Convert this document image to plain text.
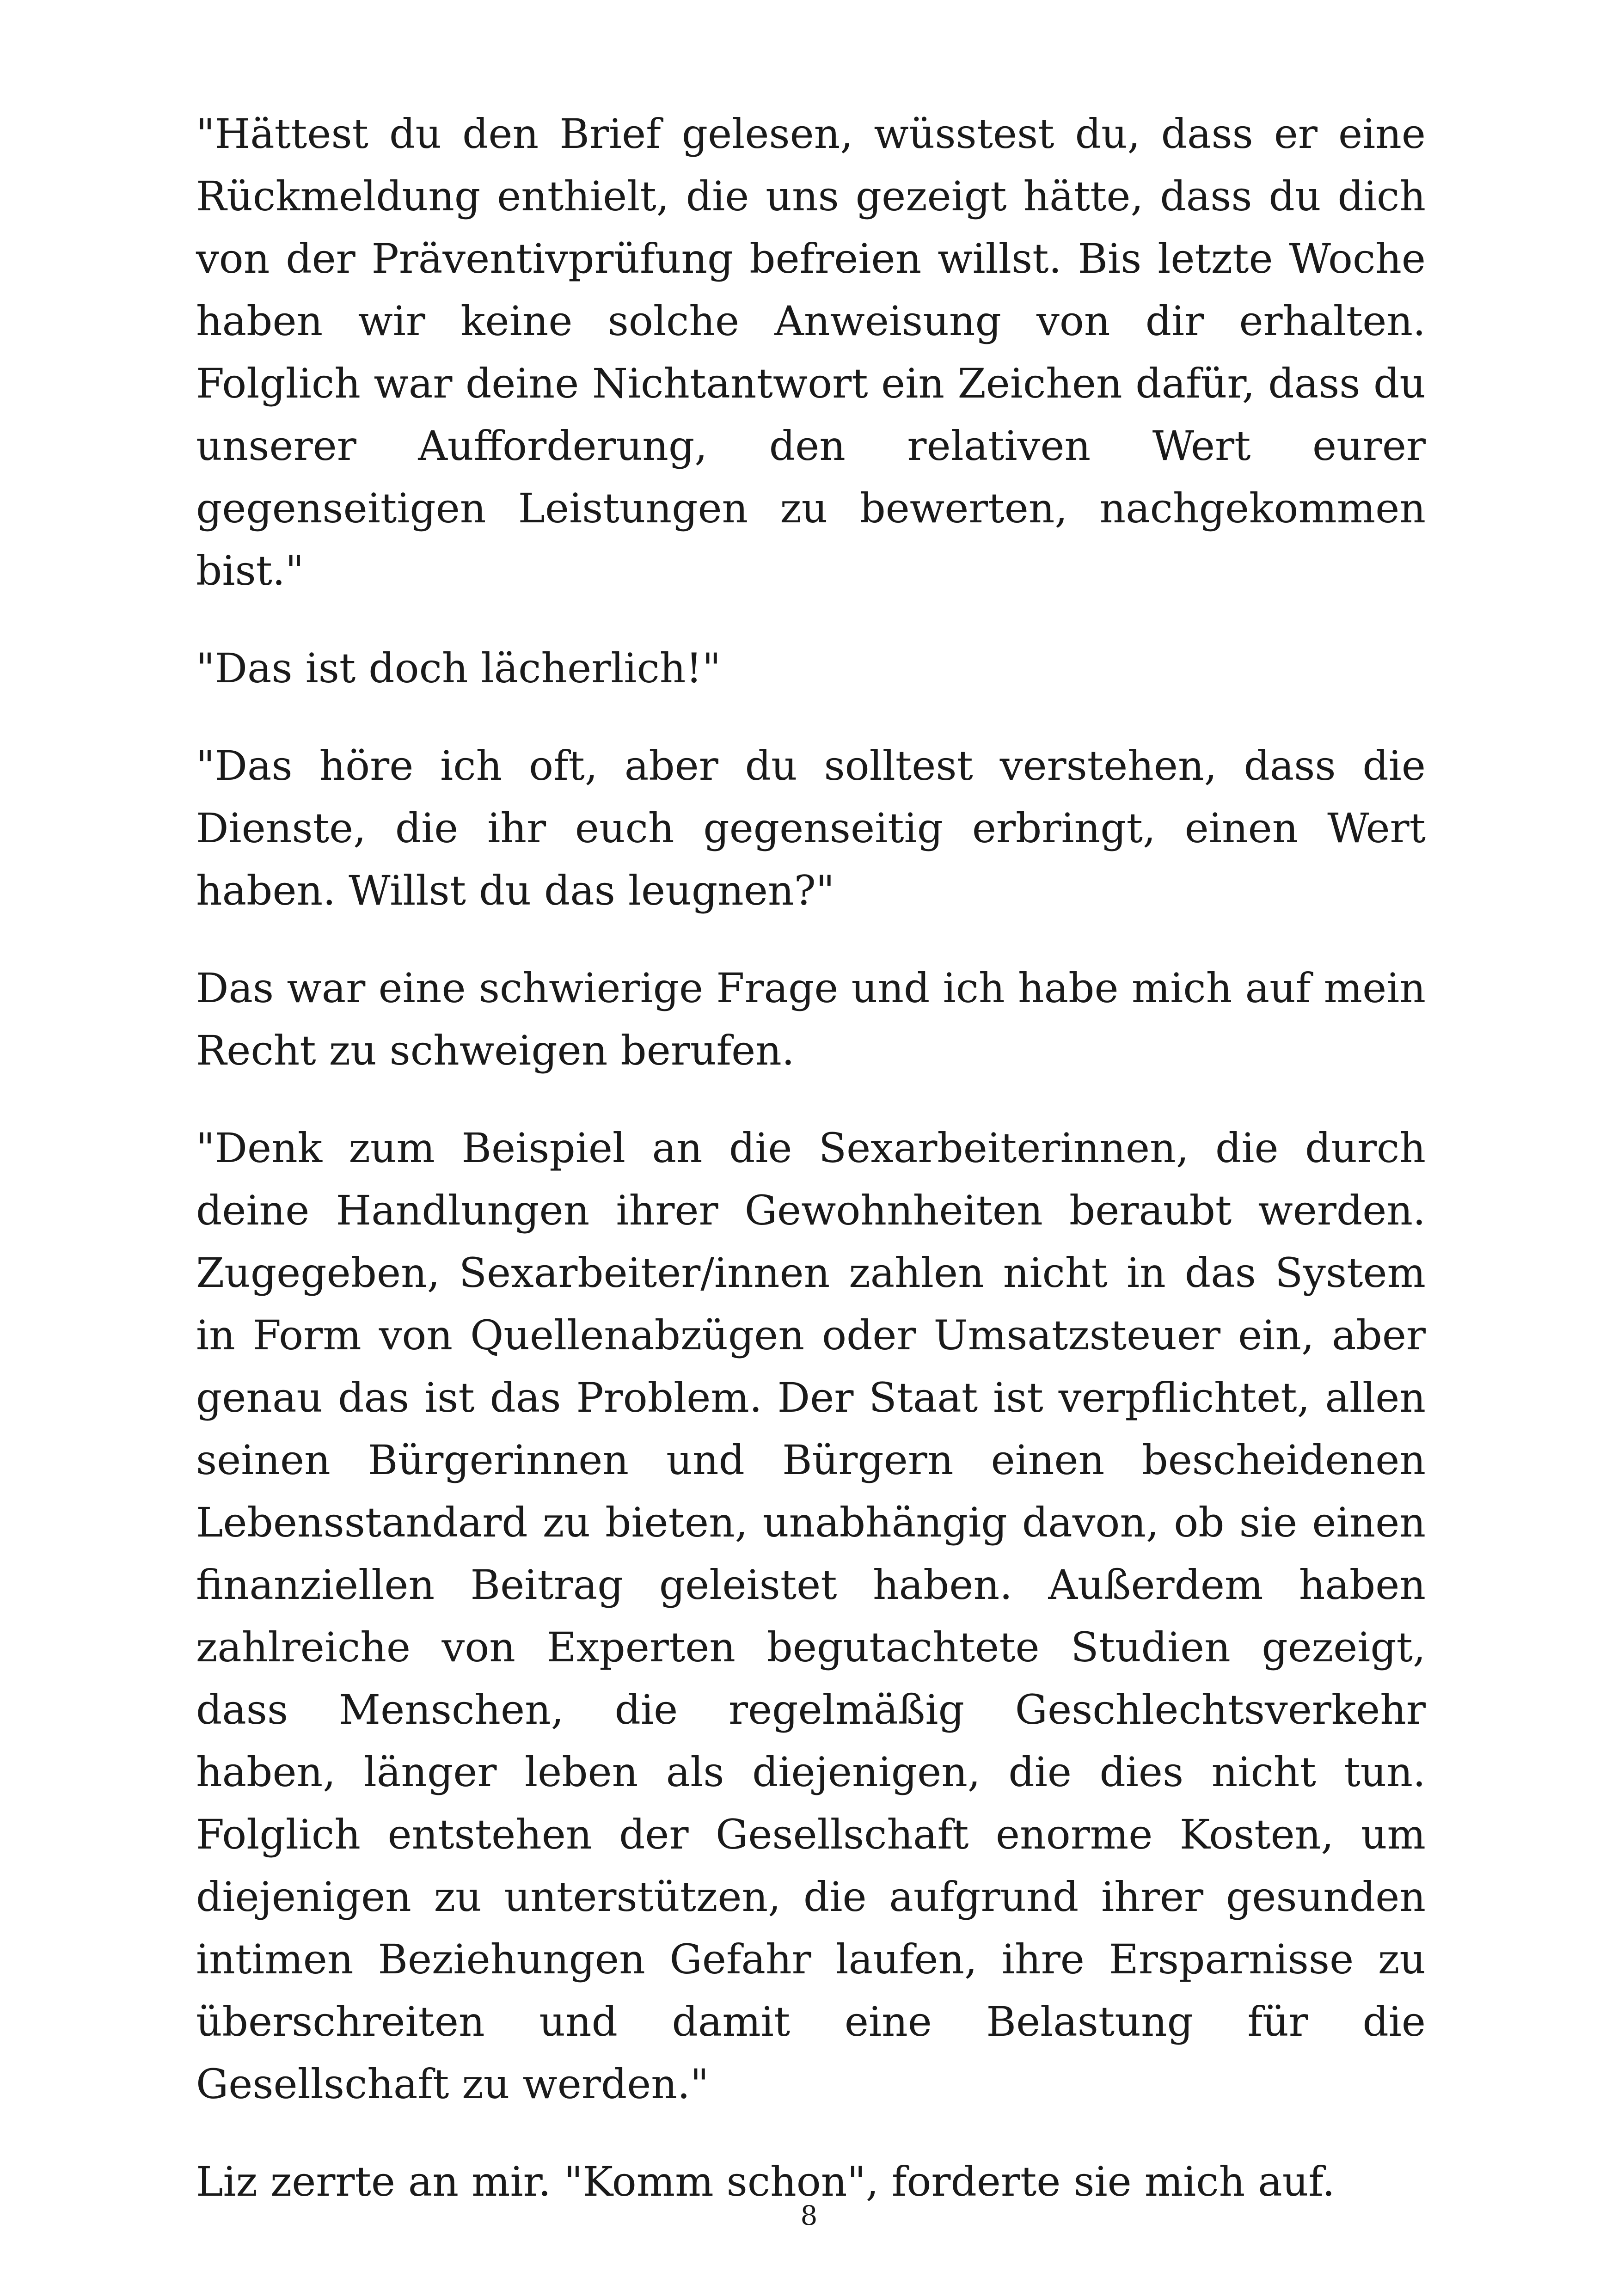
"Hättest du den Brief gelesen, wüsstest du, dass er eine Rückmeldung enthielt, die uns gezeigt hätte, dass du dich von der Präventivprüfung befreien willst. Bis letzte Woche haben wir keine solche Anweisung von dir erhalten. Folglich war deine Nichtantwort ein Zeichen dafür, dass du unserer Aufforderung, den relativen Wert eurer gegenseitigen Leistungen zu bewerten, nachgekommen bist."

"Das ist doch lächerlich!"

"Das höre ich oft, aber du solltest verstehen, dass die Dienste, die ihr euch gegenseitig erbringt, einen Wert haben. Willst du das leugnen?"

Das war eine schwierige Frage und ich habe mich auf mein Recht zu schweigen berufen.

"Denk zum Beispiel an die Sexarbeiterinnen, die durch deine Handlungen ihrer Gewohnheiten beraubt werden. Zugegeben, Sexarbeiter/innen zahlen nicht in das System in Form von Quellenabzügen oder Umsatzsteuer ein, aber genau das ist das Problem. Der Staat ist verpflichtet, allen seinen Bürgerinnen und Bürgern einen bescheidenen Lebensstandard zu bieten, unabhängig davon, ob sie einen finanziellen Beitrag geleistet haben. Außerdem haben zahlreiche von Experten begutachtete Studien gezeigt, dass Menschen, die regelmäßig Geschlechtsverkehr haben, länger leben als diejenigen, die dies nicht tun. Folglich entstehen der Gesellschaft enorme Kosten, um diejenigen zu unterstützen, die aufgrund ihrer gesunden intimen Beziehungen Gefahr laufen, ihre Ersparnisse zu überschreiten und damit eine Belastung für die Gesellschaft zu werden."

Liz zerrte an mir. "Komm schon", forderte sie mich auf.

8
